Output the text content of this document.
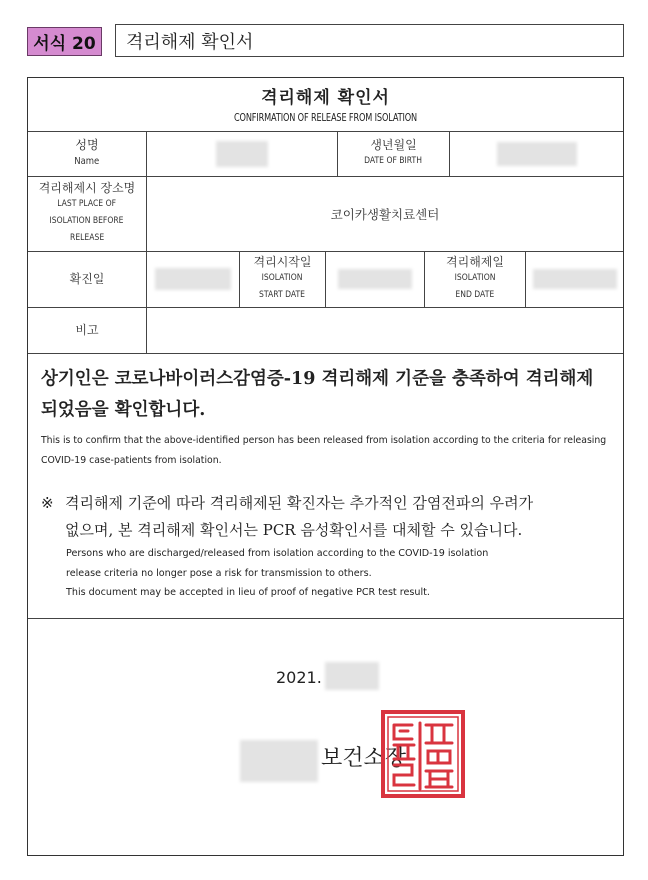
서식 20	격리해제 확인서
격리해제 확인서
CONFIRMATION OF RELEASE FROM ISOLATION
성명
Name
생년월일
DATE OF BIRTH
격리해제시 장소명
LAST PLACE OF
ISOLATION BEFORE
RELEASE
코이카생활치료센터
확진일
격리시작일
ISOLATION
START DATE
격리해제일
ISOLATION
END DATE
비고
상기인은 코로나바이러스감염증-19 격리해제 기준을 충족하여 격리해제 되었음을 확인합니다.
This is to confirm that the above-identified person has been released from isolation according to the criteria for releasing COVID-19 case-patients from isolation.
※ 격리해제 기준에 따라 격리해제된 확진자는 추가적인 감염전파의 우려가
없으며, 본 격리해제 확인서는 PCR 음성확인서를 대체할 수 있습니다.
Persons who are discharged/released from isolation according to the COVID-19 isolation
release criteria no longer pose a risk for transmission to others.
This document may be accepted in lieu of proof of negative PCR test result.
2021.
보건소장
